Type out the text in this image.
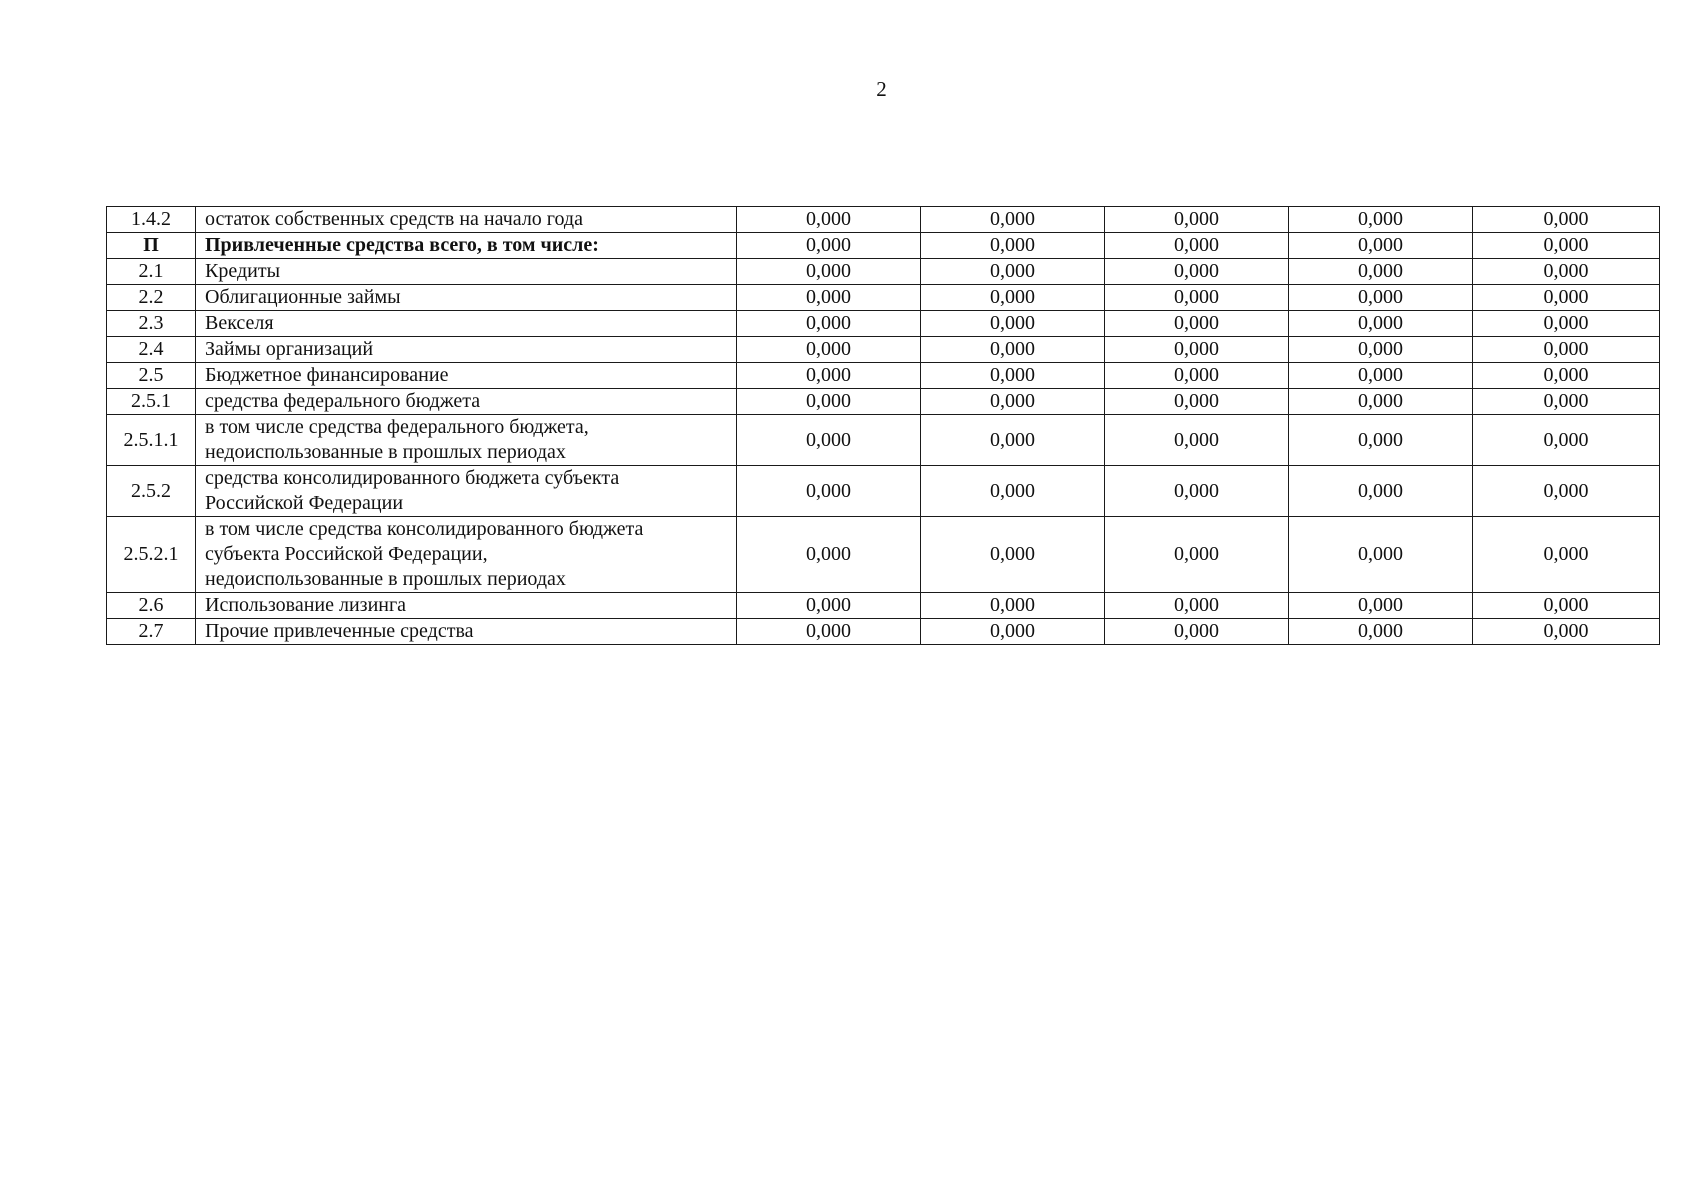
2
1.4.2	остаток собственных средств на начало года	0,000	0,000	0,000	0,000	0,000
П	Привлеченные средства всего, в том числе:	0,000	0,000	0,000	0,000	0,000
2.1	Кредиты	0,000	0,000	0,000	0,000	0,000
2.2	Облигационные займы	0,000	0,000	0,000	0,000	0,000
2.3	Векселя	0,000	0,000	0,000	0,000	0,000
2.4	Займы организаций	0,000	0,000	0,000	0,000	0,000
2.5	Бюджетное финансирование	0,000	0,000	0,000	0,000	0,000
2.5.1	средства федерального бюджета	0,000	0,000	0,000	0,000	0,000
2.5.1.1	в том числе средства федерального бюджета,
недоиспользованные в прошлых периодах	0,000	0,000	0,000	0,000	0,000
2.5.2	средства консолидированного бюджета субъекта
Российской Федерации	0,000	0,000	0,000	0,000	0,000
2.5.2.1	в том числе средства консолидированного бюджета
субъекта Российской Федерации,
недоиспользованные в прошлых периодах	0,000	0,000	0,000	0,000	0,000
2.6	Использование лизинга	0,000	0,000	0,000	0,000	0,000
2.7	Прочие привлеченные средства	0,000	0,000	0,000	0,000	0,000
